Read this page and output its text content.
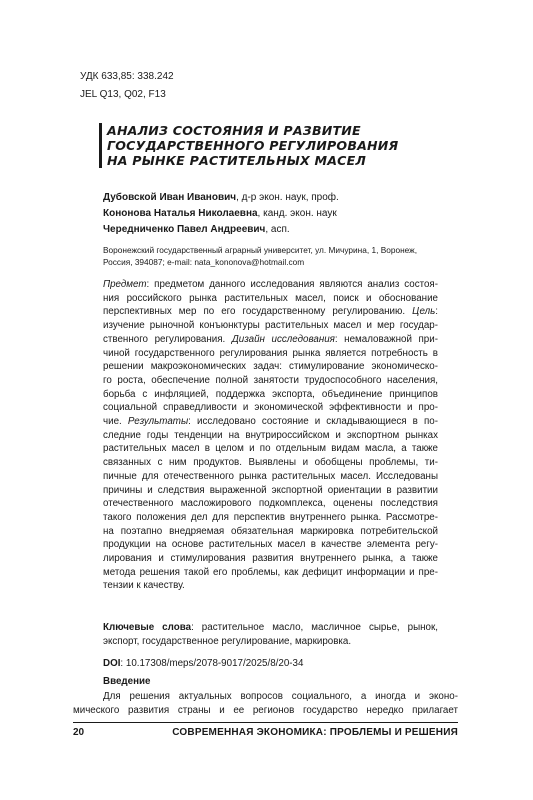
УДК 633,85: 338.242
JEL Q13, Q02, F13
АНАЛИЗ СОСТОЯНИЯ И РАЗВИТИЕ
ГОСУДАРСТВЕННОГО РЕГУЛИРОВАНИЯ
НА РЫНКЕ РАСТИТЕЛЬНЫХ МАСЕЛ
Дубовской Иван Иванович, д-р экон. наук, проф.
Кононова Наталья Николаевна, канд. экон. наук
Чередниченко Павел Андреевич, асп.
Воронежский государственный аграрный университет, ул. Мичурина, 1, Воронеж,
Россия, 394087; e-mail: nata_kononova@hotmail.com

Предмет: предметом данного исследования являются анализ состоя-

ния российского рынка растительных масел, поиск и обоснование

перспективных мер по его государственному регулированию. Цель:

изучение рыночной конъюнктуры растительных масел и мер государ-

ственного регулирования. Дизайн исследования: немаловажной при-

чиной государственного регулирования рынка является потребность в

решении макроэкономических задач: стимулирование экономическо-

го роста, обеспечение полной занятости трудоспособного населения,

борьба с инфляцией, поддержка экспорта, объединение принципов

социальной справедливости и экономической эффективности и про-

чие. Результаты: исследовано состояние и складывающиеся в по-

следние годы тенденции на внутрироссийском и экспортном рынках

растительных масел в целом и по отдельным видам масла, а также

связанных с ним продуктов. Выявлены и обобщены проблемы, ти-

пичные для отечественного рынка растительных масел. Исследованы

причины и следствия выраженной экспортной ориентации в развитии

отечественного масложирового подкомплекса, оценены последствия

такого положения дел для перспектив внутреннего рынка. Рассмотре-

на поэтапно внедряемая обязательная маркировка потребительской

продукции на основе растительных масел в качестве элемента регу-

лирования и стимулирования развития внутреннего рынка, а также

метода решения такой его проблемы, как дефицит информации и пре-

тензии к качеству.

Ключевые слова: растительное масло, масличное сырье, рынок,

экспорт, государственное регулирование, маркировка.

DOI: 10.17308/meps/2078-9017/2025/8/20-34
Введение

Для решения актуальных вопросов социального, а иногда и эконо-

мического развития страны и ее регионов государство нередко прилагает

20	СОВРЕМЕННАЯ ЭКОНОМИКА: ПРОБЛЕМЫ И РЕШЕНИЯ
